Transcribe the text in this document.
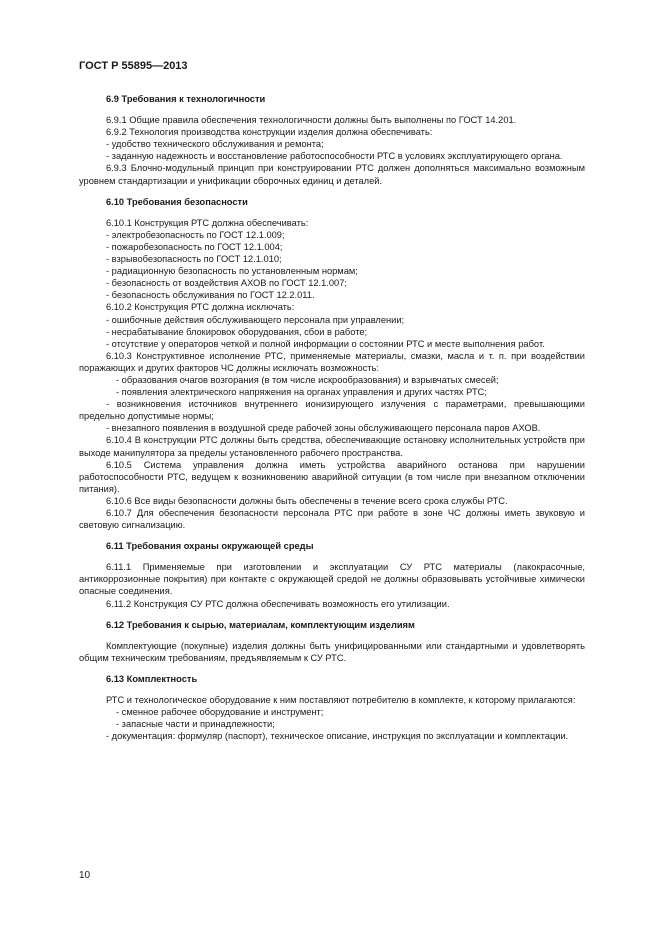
ГОСТ Р 55895—2013
6.9 Требования к технологичности

6.9.1 Общие правила обеспечения технологичности должны быть выполнены по ГОСТ 14.201.

6.9.2 Технология производства конструкции изделия должна обеспечивать:

- удобство технического обслуживания и ремонта;

- заданную надежность и восстановление работоспособности РТС в условиях эксплуатирующего органа.

6.9.3 Блочно-модульный принцип при конструировании РТС должен дополняться максимально возможным уровнем стандартизации и унификации сборочных единиц и деталей.

6.10 Требования безопасности

6.10.1 Конструкция РТС должна обеспечивать:

- электробезопасность по ГОСТ 12.1.009;

- пожаробезопасность по ГОСТ 12.1.004;

- взрывобезопасность по ГОСТ 12.1.010;

- радиационную безопасность по установленным нормам;

- безопасность от воздействия АХОВ по ГОСТ 12.1.007;

- безопасность обслуживания по ГОСТ 12.2.011.

6.10.2 Конструкция РТС должна исключать:

- ошибочные действия обслуживающего персонала при управлении;

- несрабатывание блокировок оборудования, сбои в работе;

- отсутствие у операторов четкой и полной информации о состоянии РТС и месте выполнения работ.

6.10.3 Конструктивное исполнение РТС, применяемые материалы, смазки, масла и т. п. при воздействии поражающих и других факторов ЧС должны исключать возможность:

- образования очагов возгорания (в том числе искрообразования) и взрывчатых смесей;

- появления электрического напряжения на органах управления и других частях РТС;

- возникновения источников внутреннего ионизирующего излучения с параметрами, превышающими предельно допустимые нормы;

- внезапного появления в воздушной среде рабочей зоны обслуживающего персонала паров АХОВ.

6.10.4 В конструкции РТС должны быть средства, обеспечивающие остановку исполнительных устройств при выходе манипулятора за пределы установленного рабочего пространства.

6.10.5 Система управления должна иметь устройства аварийного останова при нарушении работоспособности РТС, ведущем к возникновению аварийной ситуации (в том числе при внезапном отключении питания).

6.10.6 Все виды безопасности должны быть обеспечены в течение всего срока службы РТС.

6.10.7 Для обеспечения безопасности персонала РТС при работе в зоне ЧС должны иметь звуковую и световую сигнализацию.

6.11 Требования охраны окружающей среды

6.11.1 Применяемые при изготовлении и эксплуатации СУ РТС материалы (лакокрасочные, антикоррозионные покрытия) при контакте с окружающей средой не должны образовывать устойчивые химически опасные соединения.

6.11.2 Конструкция СУ РТС должна обеспечивать возможность его утилизации.

6.12 Требования к сырью, материалам, комплектующим изделиям

Комплектующие (покупные) изделия должны быть унифицированными или стандартными и удовлетворять общим техническим требованиям, предъявляемым к СУ РТС.

6.13 Комплектность

РТС и технологическое оборудование к ним поставляют потребителю в комплекте, к которому прилагаются:

- сменное рабочее оборудование и инструмент;

- запасные части и принадлежности;

- документация: формуляр (паспорт), техническое описание, инструкция по эксплуатации и комплектации.

10
